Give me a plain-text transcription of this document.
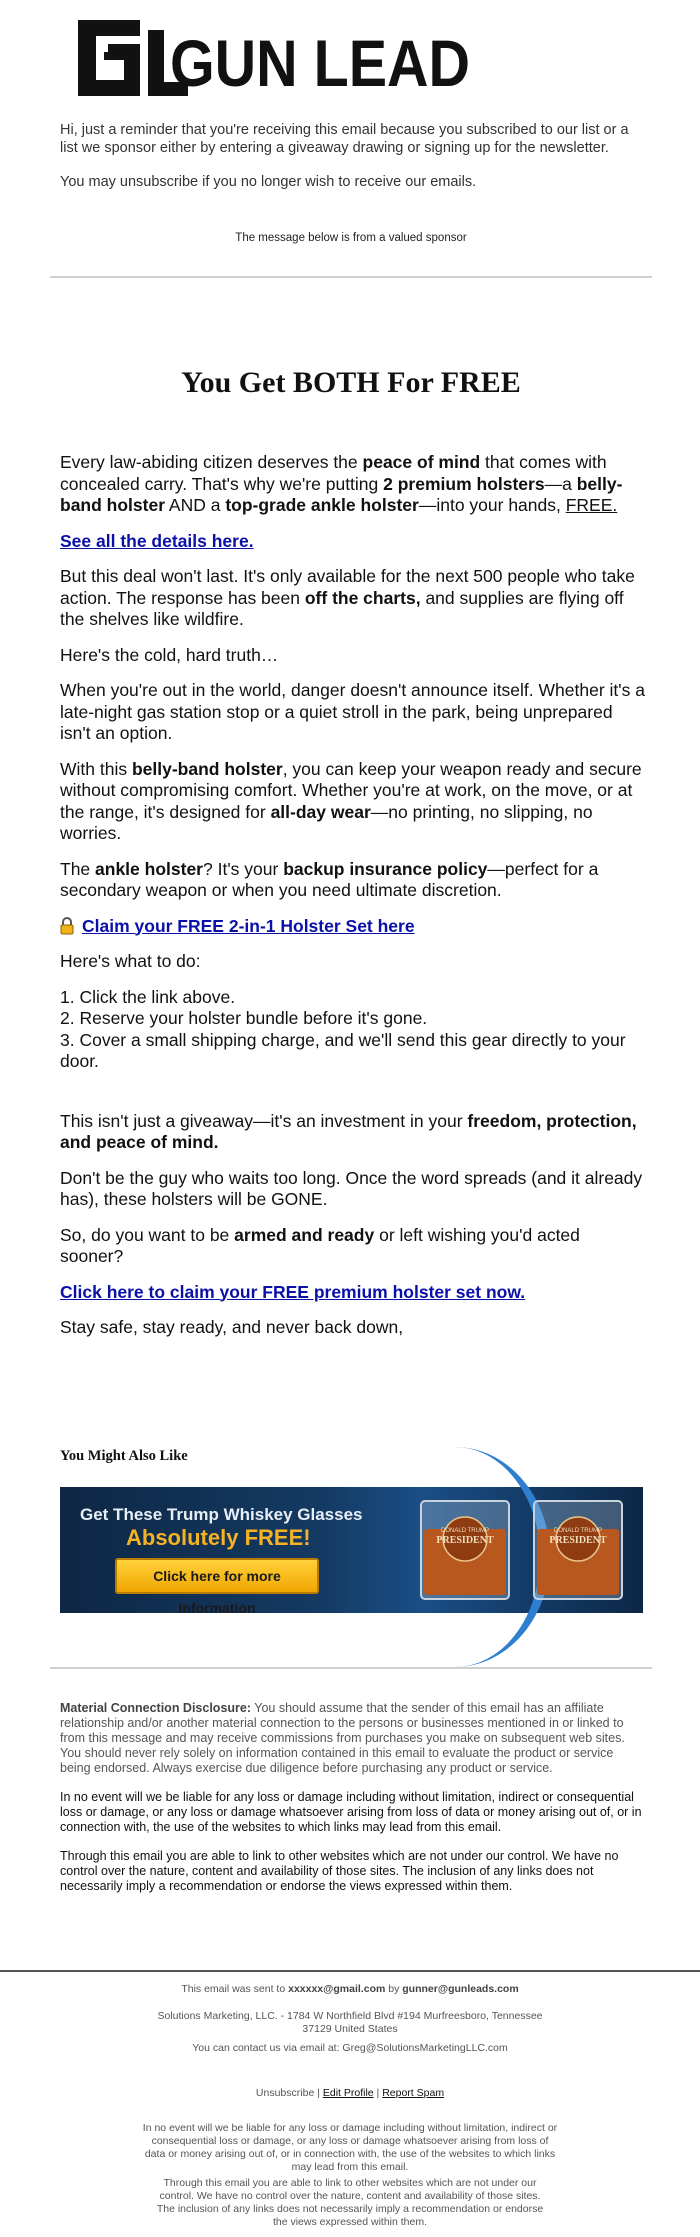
GUN LEAD

Hi, just a reminder that you're receiving this email because you subscribed to our list or a list we sponsor either by entering a giveaway drawing or signing up for the newsletter.

You may unsubscribe if you no longer wish to receive our emails.

The message below is from a valued sponsor
You Get BOTH For FREE

Every law-abiding citizen deserves the peace of mind that comes with concealed carry. That's why we're putting 2 premium holsters—a belly-band holster AND a top-grade ankle holster—into your hands, FREE.

See all the details here.

But this deal won't last. It's only available for the next 500 people who take action. The response has been off the charts, and supplies are flying off the shelves like wildfire.

Here's the cold, hard truth…

When you're out in the world, danger doesn't announce itself. Whether it's a late-night gas station stop or a quiet stroll in the park, being unprepared isn't an option.

With this belly-band holster, you can keep your weapon ready and secure without compromising comfort. Whether you're at work, on the move, or at the range, it's designed for all-day wear—no printing, no slipping, no worries.

The ankle holster? It's your backup insurance policy—perfect for a secondary weapon or when you need ultimate discretion.

Claim your FREE 2-in-1 Holster Set here

Here's what to do:

1. Click the link above.
2. Reserve your holster bundle before it's gone.
3. Cover a small shipping charge, and we'll send this gear directly to your door.

This isn't just a giveaway—it's an investment in your freedom, protection, and peace of mind.

Don't be the guy who waits too long. Once the word spreads (and it already has), these holsters will be GONE.

So, do you want to be armed and ready or left wishing you'd acted sooner?

Click here to claim your FREE premium holster set now.

Stay safe, stay ready, and never back down,

You Might Also Like
Get These Trump Whiskey Glasses
Absolutely FREE!
Click here for more Information
DONALD TRUMP
PRESIDENT
DONALD TRUMP
PRESIDENT

Material Connection Disclosure: You should assume that the sender of this email has an affiliate relationship and/or another material connection to the persons or businesses mentioned in or linked to from this message and may receive commissions from purchases you make on subsequent web sites. You should never rely solely on information contained in this email to evaluate the product or service being endorsed. Always exercise due diligence before purchasing any product or service.

In no event will we be liable for any loss or damage including without limitation, indirect or consequential loss or damage, or any loss or damage whatsoever arising from loss of data or money arising out of, or in connection with, the use of the websites to which links may lead from this email.

Through this email you are able to link to other websites which are not under our control. We have no control over the nature, content and availability of those sites. The inclusion of any links does not necessarily imply a recommendation or endorse the views expressed within them.

This email was sent to xxxxxx@gmail.com by gunner@gunleads.com
Solutions Marketing, LLC. - 1784 W Northfield Blvd #194 Murfreesboro, Tennessee 37129 United States
You can contact us via email at: Greg@SolutionsMarketingLLC.com
Unsubscribe | Edit Profile | Report Spam
In no event will we be liable for any loss or damage including without limitation, indirect or consequential loss or damage, or any loss or damage whatsoever arising from loss of data or money arising out of, or in connection with, the use of the websites to which links may lead from this email.
Through this email you are able to link to other websites which are not under our control. We have no control over the nature, content and availability of those sites. The inclusion of any links does not necessarily imply a recommendation or endorse the views expressed within them.
